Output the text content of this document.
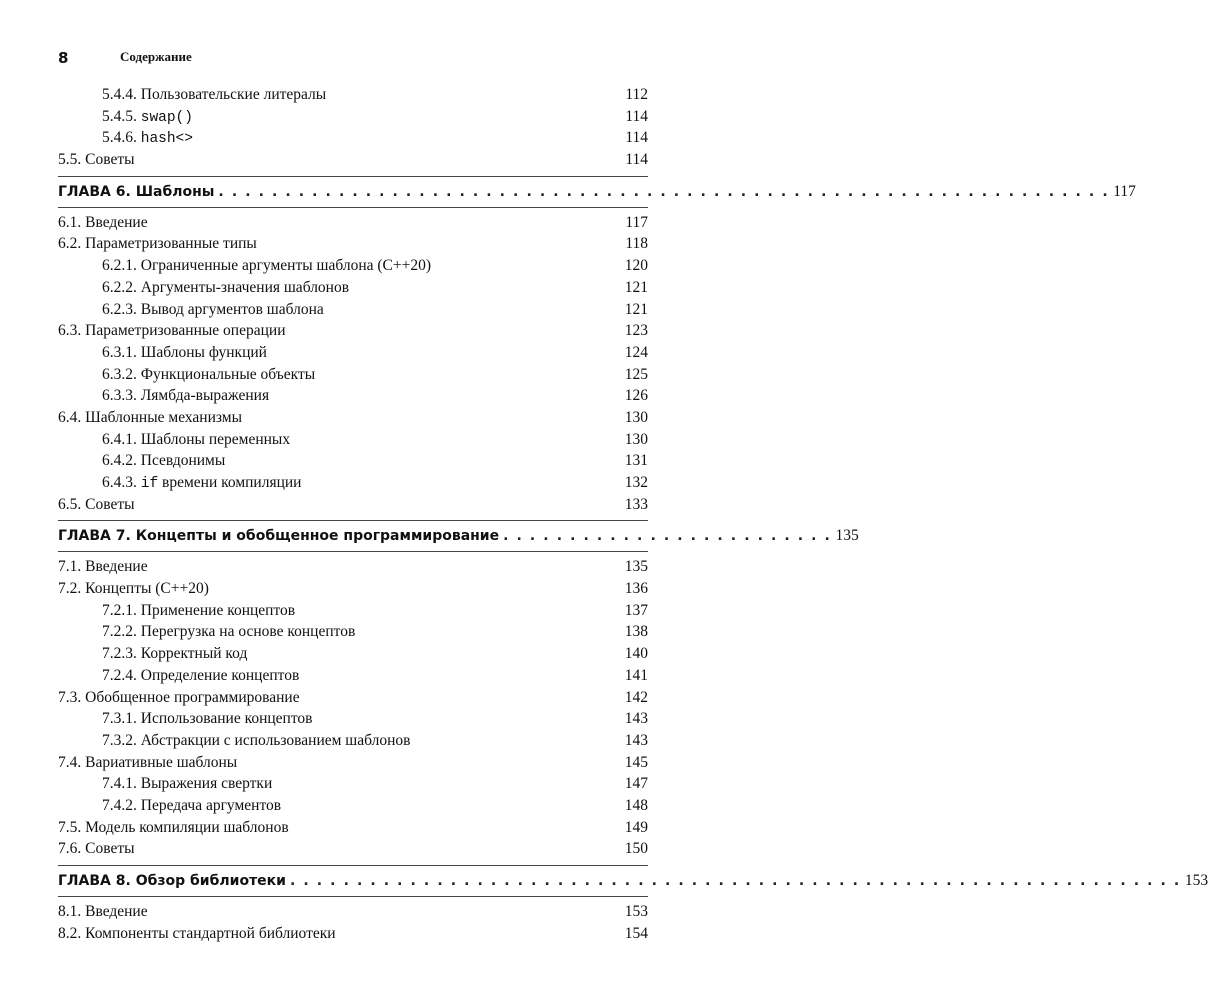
8	Содержание
5.4.4. Пользовательские литералы	112
5.4.5. swap()	114
5.4.6. hash<>	114
5.5. Советы	114
ГЛАВА 6. Шаблоны . . . . . . . . . . . . . . . . . . . . . . . . . . . . . . . . . . . . . . . . . . . . . . . . . . . . . . . . . . . . . . . . . . . 117
6.1. Введение	117
6.2. Параметризованные типы	118
6.2.1. Ограниченные аргументы шаблона (C++20)	120
6.2.2. Аргументы-значения шаблонов	121
6.2.3. Вывод аргументов шаблона	121
6.3. Параметризованные операции	123
6.3.1. Шаблоны функций	124
6.3.2. Функциональные объекты	125
6.3.3. Лямбда-выражения	126
6.4. Шаблонные механизмы	130
6.4.1. Шаблоны переменных	130
6.4.2. Псевдонимы	131
6.4.3. if времени компиляции	132
6.5. Советы	133
ГЛАВА 7. Концепты и обобщенное программирование . . . . . . . . . . . . . . . . . . . . . . . . . 135
7.1. Введение	135
7.2. Концепты (C++20)	136
7.2.1. Применение концептов	137
7.2.2. Перегрузка на основе концептов	138
7.2.3. Корректный код	140
7.2.4. Определение концептов	141
7.3. Обобщенное программирование	142
7.3.1. Использование концептов	143
7.3.2. Абстракции с использованием шаблонов	143
7.4. Вариативные шаблоны	145
7.4.1. Выражения свертки	147
7.4.2. Передача аргументов	148
7.5. Модель компиляции шаблонов	149
7.6. Советы	150
ГЛАВА 8. Обзор библиотеки . . . . . . . . . . . . . . . . . . . . . . . . . . . . . . . . . . . . . . . . . . . . . . . . . . . . . . . . . . . . . . . . . . . 153
8.1. Введение	153
8.2. Компоненты стандартной библиотеки	154
